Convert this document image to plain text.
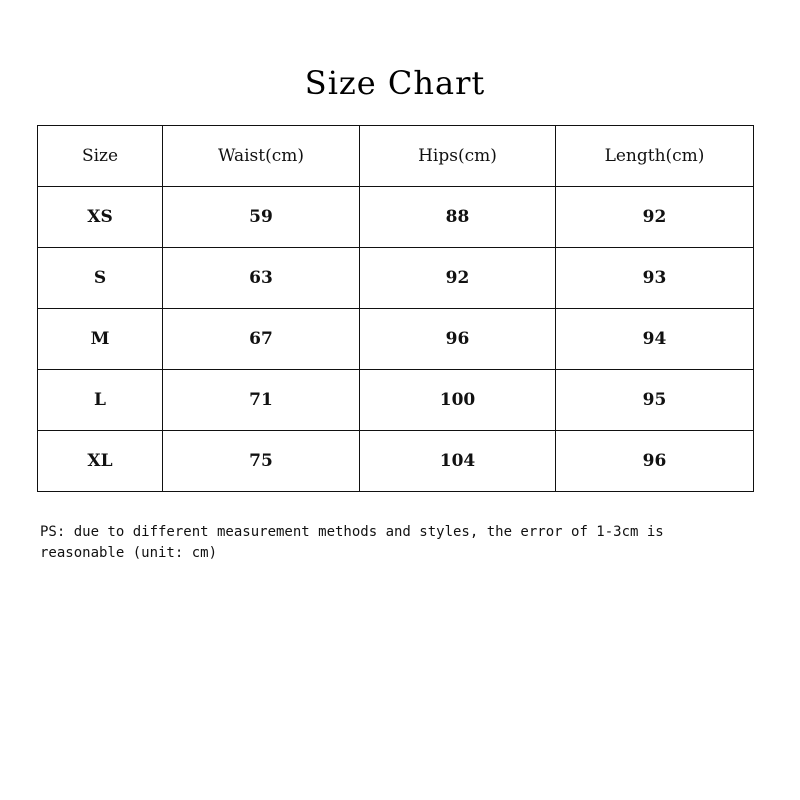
Size Chart
Size	Waist(cm)	Hips(cm)	Length(cm)
XS	59	88	92
S	63	92	93
M	67	96	94
L	71	100	95
XL	75	104	96
PS: due to different measurement methods and styles, the error of 1-3cm is reasonable (unit: cm)
